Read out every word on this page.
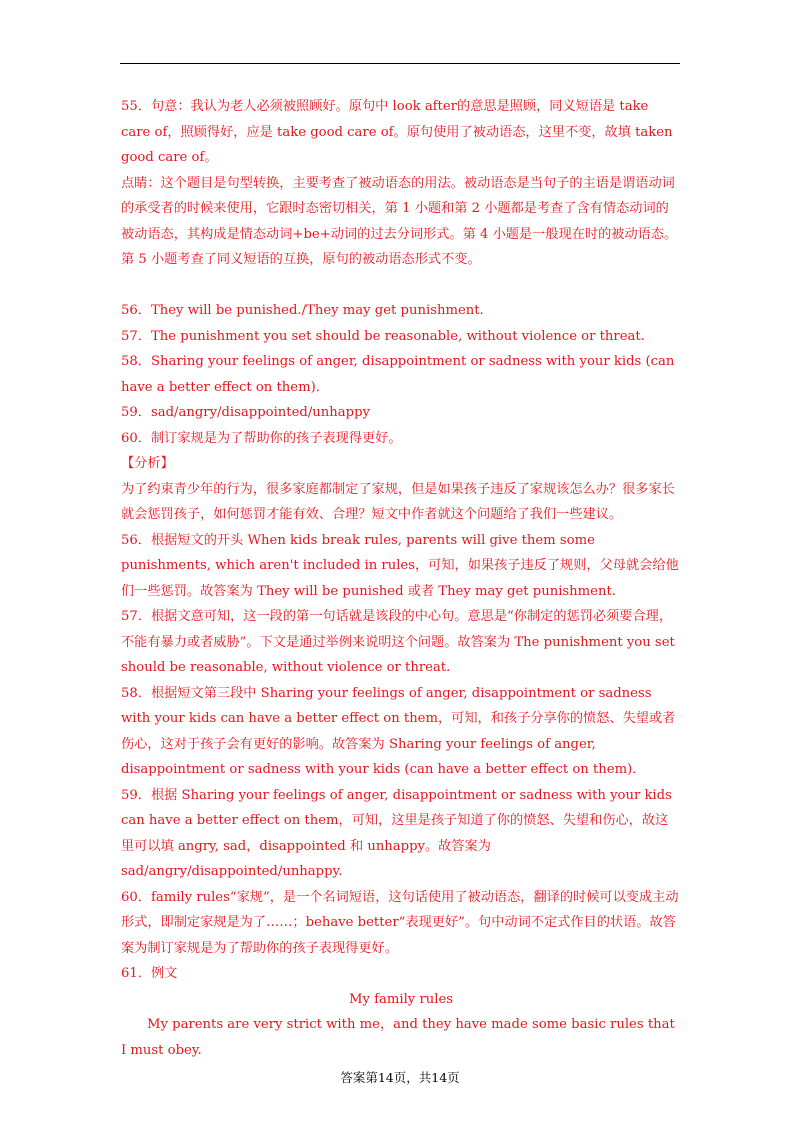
55．句意：我认为老人必须被照顾好。原句中 look after的意思是照顾，同义短语是 take care of，照顾得好，应是 take good care of。原句使用了被动语态，这里不变，故填 taken good care of。

点睛：这个题目是句型转换，主要考查了被动语态的用法。被动语态是当句子的主语是谓语动词的承受者的时候来使用，它跟时态密切相关，第 1 小题和第 2 小题都是考查了含有情态动词的被动语态，其构成是情态动词+be+动词的过去分词形式。第 4 小题是一般现在时的被动语态。第 5 小题考查了同义短语的互换，原句的被动语态形式不变。

56．They will be punished./They may get punishment.

57．The punishment you set should be reasonable, without violence or threat.

58．Sharing your feelings of anger, disappointment or sadness with your kids (can have a better effect on them)．

59．sad/angry/disappointed/unhappy

60．制订家规是为了帮助你的孩子表现得更好。

【分析】

为了约束青少年的行为，很多家庭都制定了家规，但是如果孩子违反了家规该怎么办？很多家长就会惩罚孩子，如何惩罚才能有效、合理？短文中作者就这个问题给了我们一些建议。

56．根据短文的开头 When kids break rules, parents will give them some punishments, which aren't included in rules，可知，如果孩子违反了规则，父母就会给他们一些惩罚。故答案为 They will be punished 或者 They may get punishment.

57．根据文意可知，这一段的第一句话就是该段的中心句。意思是“你制定的惩罚必须要合理，不能有暴力或者威胁”。下文是通过举例来说明这个问题。故答案为 The punishment you set should be reasonable, without violence or threat.

58．根据短文第三段中 Sharing your feelings of anger, disappointment or sadness with your kids can have a better effect on them，可知，和孩子分享你的愤怒、失望或者伤心，这对于孩子会有更好的影响。故答案为 Sharing your feelings of anger, disappointment or sadness with your kids (can have a better effect on them)．

59．根据 Sharing your feelings of anger, disappointment or sadness with your kids can have a better effect on them，可知，这里是孩子知道了你的愤怒、失望和伤心，故这里可以填 angry, sad，disappointed 和 unhappy。故答案为 sad/angry/disappointed/unhappy.

60．family rules“家规”，是一个名词短语，这句话使用了被动语态，翻译的时候可以变成主动形式，即制定家规是为了……；behave better“表现更好”。句中动词不定式作目的状语。故答案为制订家规是为了帮助你的孩子表现得更好。

61．例文

My family rules

My parents are very strict with me，and they have made some basic rules that I must obey.

答案第14页，共14页
